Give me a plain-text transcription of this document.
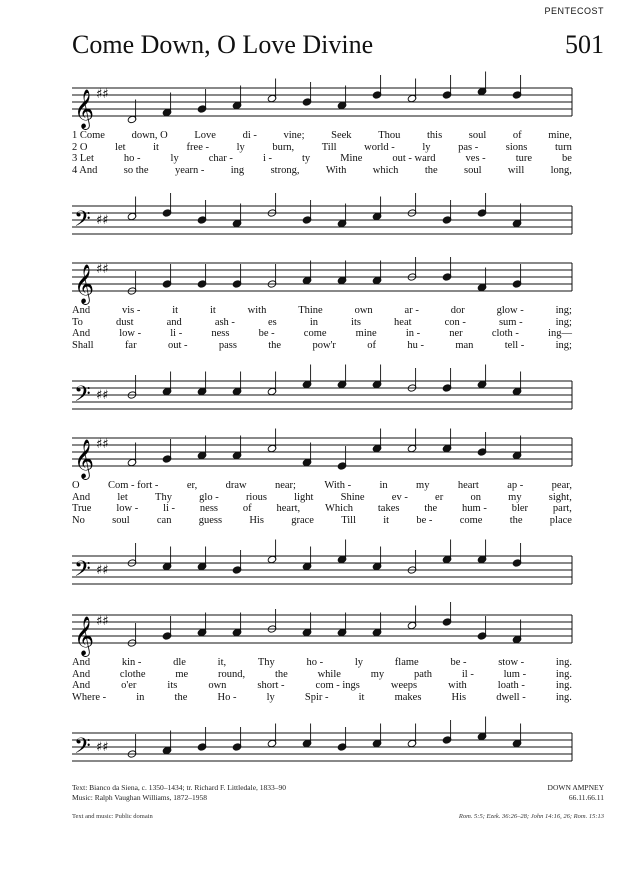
PENTECOST
Come Down, O Love Divine	501
𝄞 ♯♯
1 Come	down, O	Love	di -	vine;	Seek	Thou	this	soul	of	mine,
2 O	let	it	free -	ly	burn,	Till	world -	ly	pas -	sions	turn
3 Let	ho -	ly	char -	i -	ty	Mine	out - ward	ves -	ture	be
4 And	so the	yearn -	ing	strong,	With	which	the	soul	will	long,
𝄢 ♯♯
𝄞 ♯♯
And	vis -	it	it	with	Thine	own	ar -	dor	glow -	ing;
To	dust	and	ash -	es	in	its	heat	con -	sum -	ing;
And	low -	li -	ness	be -	come	mine	in -	ner	cloth -	ing—
Shall	far	out -	pass	the	pow'r	of	hu -	man	tell -	ing;
𝄢 ♯♯
𝄞 ♯♯
O	Com - fort -	er,	draw	near;	With -	in	my	heart	ap -	pear,
And	let	Thy	glo -	rious	light	Shine	ev -	er	on	my	sight,
True low - li - ness of heart, Which takes the hum - bler part,
No	soul	can	guess	His	grace	Till	it	be -	come	the	place
𝄢 ♯♯
𝄞 ♯♯
And	kin -	dle	it,	Thy	ho -	ly	flame	be -	stow -	ing.
And	clothe	me	round,	the	while	my	path	il -	lum -	ing.
And	o'er	its	own	short -	com - ings	weeps	with	loath -	ing.
Where -	in	the	Ho -	ly	Spir -	it	makes	His	dwell -	ing.
𝄢 ♯♯
Text: Bianco da Siena, c. 1350–1434; tr. Richard F. Littledale, 1833–90
Music: Ralph Vaughan Williams, 1872–1958
DOWN AMPNEY
66.11.66.11
Text and music: Public domain	Rom. 5:5; Ezek. 36:26–28; John 14:16, 26; Rom. 15:13
